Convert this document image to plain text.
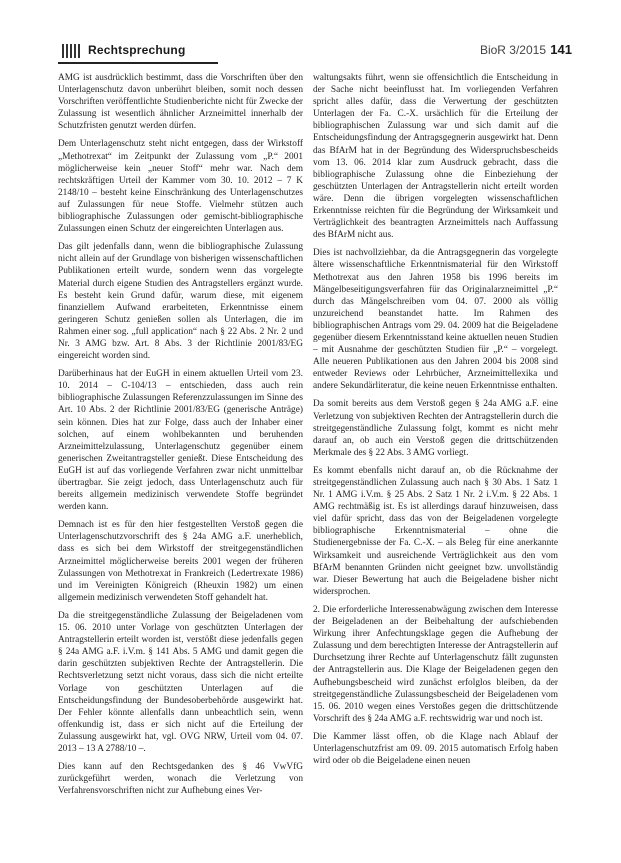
Rechtsprechung	BioR 3/2015 141

AMG ist ausdrücklich bestimmt, dass die Vorschriften über den Unterlagenschutz davon unberührt bleiben, somit noch dessen Vorschriften veröffentlichte Studienberichte nicht für Zwecke der Zulassung ist wesentlich ähnlicher Arzneimittel innerhalb der Schutzfristen genutzt werden dürfen.

Dem Unterlagenschutz steht nicht entgegen, dass der Wirkstoff „Methotrexat“ im Zeitpunkt der Zulassung vom „P.“ 2001 möglicherweise kein „neuer Stoff“ mehr war. Nach dem rechtskräftigen Urteil der Kammer vom 30. 10. 2012 – 7 K 2148/10 – besteht keine Einschränkung des Unterlagenschutzes auf Zulassungen für neue Stoffe. Vielmehr stützen auch bibliographische Zulassungen oder gemischt-bibliographische Zulassungen einen Schutz der eingereichten Unterlagen aus.

Das gilt jedenfalls dann, wenn die bibliographische Zulassung nicht allein auf der Grundlage von bisherigen wissenschaftlichen Publikationen erteilt wurde, sondern wenn das vorgelegte Material durch eigene Studien des Antragstellers ergänzt wurde. Es besteht kein Grund dafür, warum diese, mit eigenem finanziellem Aufwand erarbeiteten, Erkenntnisse einem geringeren Schutz genießen sollen als Unterlagen, die im Rahmen einer sog. „full application“ nach § 22 Abs. 2 Nr. 2 und Nr. 3 AMG bzw. Art. 8 Abs. 3 der Richtlinie 2001/83/EG eingereicht worden sind.

Darüberhinaus hat der EuGH in einem aktuellen Urteil vom 23. 10. 2014 – C-104/13 – entschieden, dass auch rein bibliographische Zulassungen Referenzzulassungen im Sinne des Art. 10 Abs. 2 der Richtlinie 2001/83/EG (generische Anträge) sein können. Dies hat zur Folge, dass auch der Inhaber einer solchen, auf einem wohlbekannten und beruhenden Arzneimittelzulassung, Unterlagenschutz gegenüber einem generischen Zweitantragsteller genießt. Diese Entscheidung des EuGH ist auf das vorliegende Verfahren zwar nicht unmittelbar übertragbar. Sie zeigt jedoch, dass Unterlagenschutz auch für bereits allgemein medizinisch verwendete Stoffe begründet werden kann.

Demnach ist es für den hier festgestellten Verstoß gegen die Unterlagenschutzvorschrift des § 24a AMG a.F. unerheblich, dass es sich bei dem Wirkstoff der streitgegenständlichen Arzneimittel möglicherweise bereits 2001 wegen der früheren Zulassungen von Methotrexat in Frankreich (Ledertrexate 1986) und im Vereinigten Königreich (Rheuxin 1982) um einen allgemein medizinisch verwendeten Stoff gehandelt hat.

Da die streitgegenständliche Zulassung der Beigeladenen vom 15. 06. 2010 unter Vorlage von geschützten Unterlagen der Antragstellerin erteilt worden ist, verstößt diese jedenfalls gegen § 24a AMG a.F. i.V.m. § 141 Abs. 5 AMG und damit gegen die darin geschützten subjektiven Rechte der Antragstellerin. Die Rechtsverletzung setzt nicht voraus, dass sich die nicht erteilte Vorlage von geschützten Unterlagen auf die Entscheidungsfindung der Bundesoberbehörde ausgewirkt hat. Der Fehler könnte allenfalls dann unbeachtlich sein, wenn offenkundig ist, dass er sich nicht auf die Erteilung der Zulassung ausgewirkt hat, vgl. OVG NRW, Urteil vom 04. 07. 2013 – 13 A 2788/10 –.

Dies kann auf den Rechtsgedanken des § 46 VwVfG zurückgeführt werden, wonach die Verletzung von Verfahrensvorschriften nicht zur Aufhebung eines Ver-

waltungsakts führt, wenn sie offensichtlich die Entscheidung in der Sache nicht beeinflusst hat. Im vorliegenden Verfahren spricht alles dafür, dass die Verwertung der geschützten Unterlagen der Fa. C.-X. ursächlich für die Erteilung der bibliographischen Zulassung war und sich damit auf die Entscheidungsfindung der Antragsgegnerin ausgewirkt hat. Denn das BfArM hat in der Begründung des Widerspruchsbescheids vom 13. 06. 2014 klar zum Ausdruck gebracht, dass die bibliographische Zulassung ohne die Einbeziehung der geschützten Unterlagen der Antragstellerin nicht erteilt worden wäre. Denn die übrigen vorgelegten wissenschaftlichen Erkenntnisse reichten für die Begründung der Wirksamkeit und Verträglichkeit des beantragten Arzneimittels nach Auffassung des BfArM nicht aus.

Dies ist nachvollziehbar, da die Antragsgegnerin das vorgelegte ältere wissenschaftliche Erkenntnismaterial für den Wirkstoff Methotrexat aus den Jahren 1958 bis 1996 bereits im Mängelbeseitigungsverfahren für das Originalarzneimittel „P.“ durch das Mängelschreiben vom 04. 07. 2000 als völlig unzureichend beanstandet hatte. Im Rahmen des bibliographischen Antrags vom 29. 04. 2009 hat die Beigeladene gegenüber diesem Erkenntnisstand keine aktuellen neuen Studien – mit Ausnahme der geschützten Studien für „P.“ – vorgelegt. Alle neueren Publikationen aus den Jahren 2004 bis 2008 sind entweder Reviews oder Lehrbücher, Arzneimittellexika und andere Sekundärliteratur, die keine neuen Erkenntnisse enthalten.

Da somit bereits aus dem Verstoß gegen § 24a AMG a.F. eine Verletzung von subjektiven Rechten der Antragstellerin durch die streitgegenständliche Zulassung folgt, kommt es nicht mehr darauf an, ob auch ein Verstoß gegen die drittschützenden Merkmale des § 22 Abs. 3 AMG vorliegt.

Es kommt ebenfalls nicht darauf an, ob die Rücknahme der streitgegenständlichen Zulassung auch nach § 30 Abs. 1 Satz 1 Nr. 1 AMG i.V.m. § 25 Abs. 2 Satz 1 Nr. 2 i.V.m. § 22 Abs. 1 AMG rechtmäßig ist. Es ist allerdings darauf hinzuweisen, dass viel dafür spricht, dass das von der Beigeladenen vorgelegte bibliographische Erkenntnismaterial – ohne die Studienergebnisse der Fa. C.-X. – als Beleg für eine anerkannte Wirksamkeit und ausreichende Verträglichkeit aus den vom BfArM benannten Gründen nicht geeignet bzw. unvollständig war. Dieser Bewertung hat auch die Beigeladene bisher nicht widersprochen.

2. Die erforderliche Interessenabwägung zwischen dem Interesse der Beigeladenen an der Beibehaltung der aufschiebenden Wirkung ihrer Anfechtungsklage gegen die Aufhebung der Zulassung und dem berechtigten Interesse der Antragstellerin auf Durchsetzung ihrer Rechte auf Unterlagenschutz fällt zugunsten der Antragstellerin aus. Die Klage der Beigeladenen gegen den Aufhebungsbescheid wird zunächst erfolglos bleiben, da der streitgegenständliche Zulassungsbescheid der Beigeladenen vom 15. 06. 2010 wegen eines Verstoßes gegen die drittschützende Vorschrift des § 24a AMG a.F. rechtswidrig war und noch ist.

Die Kammer lässt offen, ob die Klage nach Ablauf der Unterlagenschutzfrist am 09. 09. 2015 automatisch Erfolg haben wird oder ob die Beigeladene einen neuen
